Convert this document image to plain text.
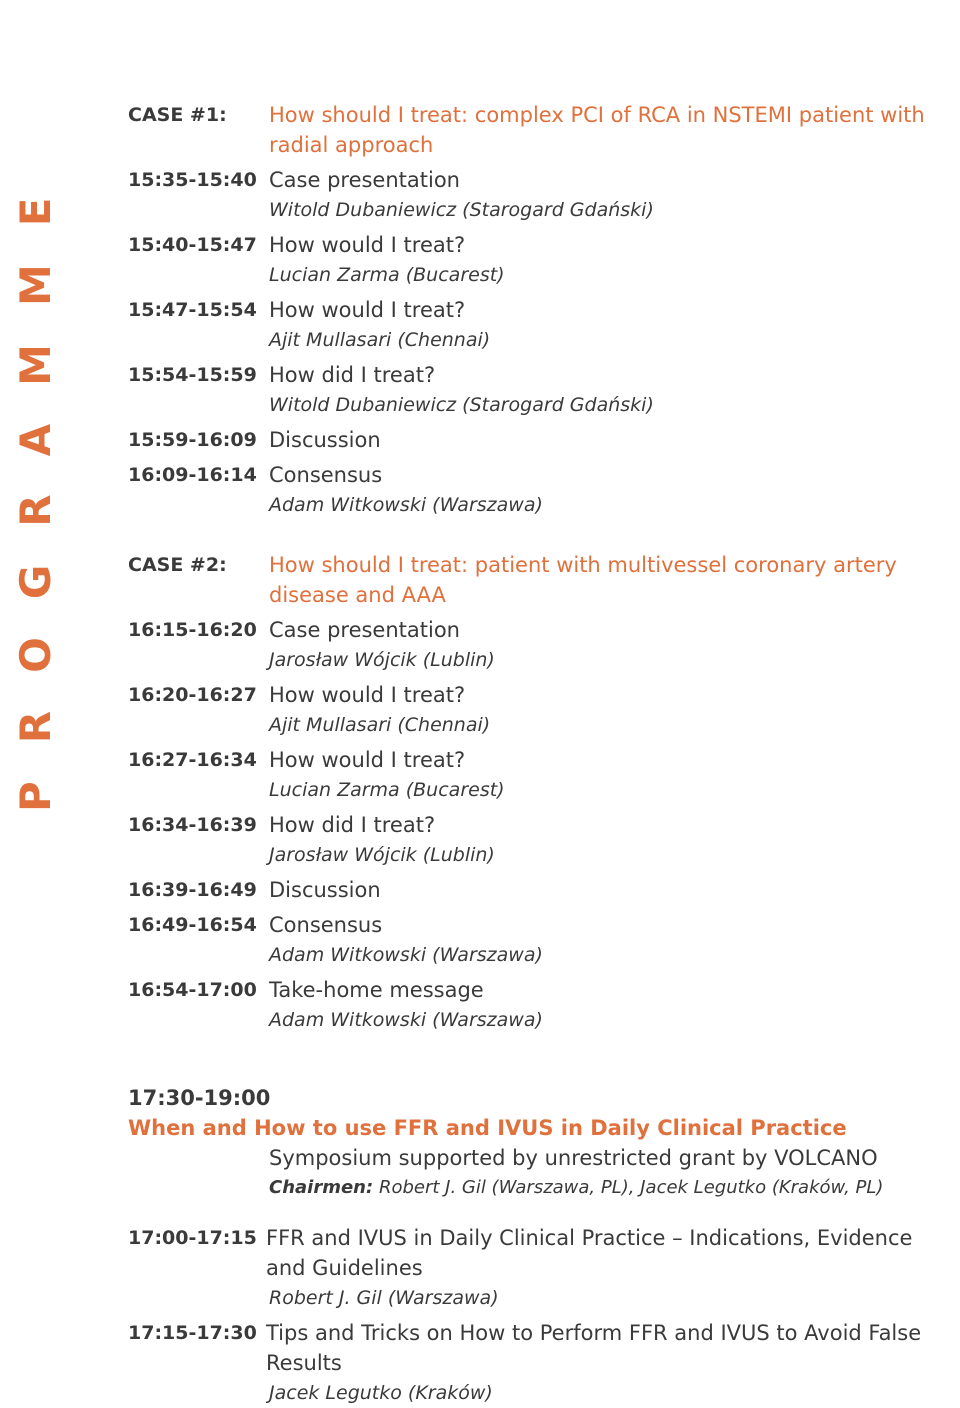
PROGRAMME
CASE #1:	How should I treat: complex PCI of RCA in NSTEMI patient with radial approach
15:35-15:40 Case presentation
Witold Dubaniewicz (Starogard Gdański)
15:40-15:47 How would I treat?
Lucian Zarma (Bucarest)
15:47-15:54 How would I treat?
Ajit Mullasari (Chennai)
15:54-15:59 How did I treat?
Witold Dubaniewicz (Starogard Gdański)
15:59-16:09 Discussion
16:09-16:14 Consensus
Adam Witkowski (Warszawa)
CASE #2:	How should I treat: patient with multivessel coronary artery disease and AAA
16:15-16:20 Case presentation
Jarosław Wójcik (Lublin)
16:20-16:27 How would I treat?
Ajit Mullasari (Chennai)
16:27-16:34 How would I treat?
Lucian Zarma (Bucarest)
16:34-16:39 How did I treat?
Jarosław Wójcik (Lublin)
16:39-16:49 Discussion
16:49-16:54 Consensus
Adam Witkowski (Warszawa)
16:54-17:00 Take-home message
Adam Witkowski (Warszawa)
17:30-19:00 When and How to use FFR and IVUS in Daily Clinical Practice
Symposium supported by unrestricted grant by VOLCANO
Chairmen: Robert J. Gil (Warszawa, PL), Jacek Legutko (Kraków, PL)
17:00-17:15 FFR and IVUS in Daily Clinical Practice – Indications, Evidence and Guidelines
Robert J. Gil (Warszawa)
17:15-17:30 Tips and Tricks on How to Perform FFR and IVUS to Avoid False Results
Jacek Legutko (Kraków)
